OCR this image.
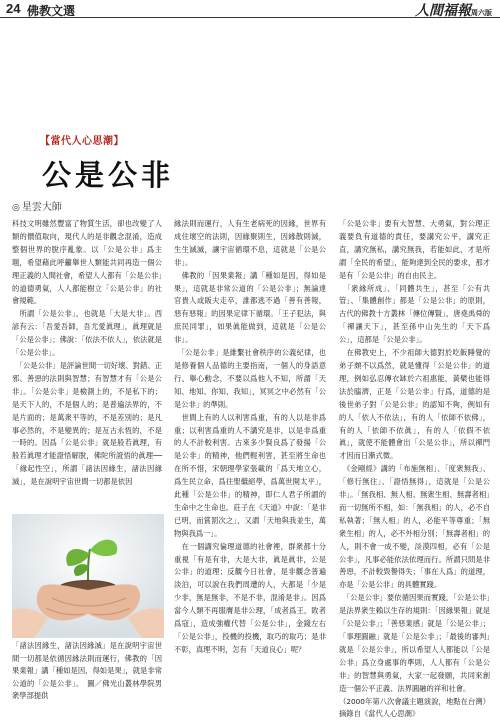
24 佛教文選	人間福報周六版
【當代人心思潮】
公是公非
◎ 星雲大師
科技文明雖然豐富了物質生活，卻也改變了人類的價值取向，現代人的是非觀念混淆，造成整個世界的脫序亂象。以「公是公非」爲主題，希望藉此呼籲舉世人類能共同再造一個公理正義的人間社會，希望人人都有「公是公非」的道德勇氣，人人都能樹立「公是公非」的社會規範。
　所謂「公是公非」，也就是「大是大非」。西諺有云：「吾愛吾師，吾尤愛眞理」，眞理就是「公是公非」；佛說：「依法不依人」，依法就是「公是公非」。
　「公是公非」是評論世間一切好壞、對錯、正邪、善惡的法則與智慧；有智慧才有「公是公非」。「公是公非」是檢測上的，不是私下的；是天下人的，不是個人的；是普遍法界的，不是片面的；是萬衆平等的，不是差別的；是凡事必然的，不是變異的；是亙古永恆的，不是一時的。因爲「公是公非」就是般若眞理，有般若眞理才能證悟解脫，佛陀所證悟的眞理──「緣起性空」，所謂「諸法因緣生，諸法因緣滅」，是在說明宇宙世間一切都是依因
緣法則而運行，人有生老病死的因緣，世界有成住壞空的法則，因緣聚則生，因緣散則滅，生生滅滅，讓宇宙循環不息，這就是「公是公非」。
　佛教的「因果業報」講「種如是因，得如是果」，這就是非常公道的「公是公非」；無論達官貴人或販夫走卒，誰都逃不過「善有善報，惡有惡報」的因果定律下循環。「王子犯法，與庶民同罪」，如果眞能做到，這就是「公是公非」。
　「公是公非」是維繫社會秩序的公義紀律，也是修養個人品德的主要指南，一個人的身語意行、舉心動念，不要以爲他人不知，所謂「天知、地知、你知、我知」，冥冥之中必然有「公是公非」的準則。
　世間上有的人以利害爲重，有的人以是非爲重；以利害爲重的人不講究是非，以是非爲重的人不計較利害。古來多少賢良爲了發揚「公是公非」的精神，他們輕利害，甚至將生命也在所不惜，宋朝理學家張載的「爲天地立心，爲生民立命，爲往聖繼絕學，爲萬世開太平」，此種「公是公非」的精神，即仁人君子所謂的生命中之生命也。莊子在《天道》中說：「是非已明，而賞罰次之」，又謂「天地與我並生，萬物與我爲一」。
　在一個講究倫理道德的社會裡，群衆都十分重視「有是有非，大是大非，眞是眞非，公是公非」的道理；反觀今日社會，是非觀念普遍淡泊，可以說在我們周遭的人，大都是「少是少非，無是無非，不是不非，混淆是非」。因爲當今人類不再服膺是非公理，「成者爲王，敗者爲寇」，造成強權代替「公是公非」，金錢左右「公是公非」，投機的投機，取巧的取巧；是非不彰，真理不明，怎有「天道良心」呢？
「公是公非」要有大智慧、大勇氣，對公理正義要負有道德的責任，要講究公平，講究正直，講究無私，講究無我，若能如此，才是所謂「全民的希望」，能夠達到全民的要求，那才是有「公是公非」的自由民主。
　「衆緣所成」、「同體共生」，甚至「公有共管」、「集體創作」都是「公是公非」的原則，古代的佛教十方叢林「傳位傳賢」，唐堯禹舜的「禪讓天下」，甚至孫中山先生的「天下爲公」，這都是「公是公非」。
　在佛教史上，不少祖師大德對於吃飯睡覺的弟子頗不以爲然，就是懂得「公是公非」的道理，例如弘忍傳衣缽於六祖惠能，黃檗也能得法於臨濟，正是「公是公非」行爲，道德的是後世弟子對「公是公非」的認知不夠，例如有的人「依人不依法」，有的人「依師不依佛」，有的人「依師不依眞」，有的人「依假不依眞」，就使不能體會出「公是公非」，所以禪門才因而日漸式微。
　《金剛經》講的「布施無相」、「度衆無我」、「修行無住」、「證悟無得」，這就是「公是公非」。「無我相、無人相、無衆生相、無壽者相」而一切無所不相，如：「無我相」的人，必不自私執著；「無人相」的人，必能平等尊重；「無衆生相」的人，必不外相分別；「無壽者相」的人，則不會一成不變，淡漠四相，必有「公是公非」，凡事必能依法依理而行。所謂只問是非善惡，不計較毀譽得失；「事在人爲」的道理，亦是「公是公非」的具體實踐。
　「公是公非」要依循因果而實踐，「公是公非」是法界衆生賴以生存的規則：「因緣果報」就是「公是公非」；「善惡業感」就是「公是公非」；「事理圓融」就是「公是公非」；「最後的審判」就是「公是公非」，所以希望人人都能以「公是公非」爲立身處事的準則，人人都有「公是公非」的智慧與勇氣，大家一起發願，共同來創造一個公平正義、法界圓融的祥和社會。
（2000年第八次會議主題演說，地點在台灣）摘錄自《當代人心思潮》
「諸法因緣生，諸法因緣滅」是在說明宇宙世間一切都是依循因緣法則而運行，佛教的「因果業報」講「種如是因，得如是果」，就是非常公道的「公是公非」。　圖／佛光山叢林學院男衆學部提供
